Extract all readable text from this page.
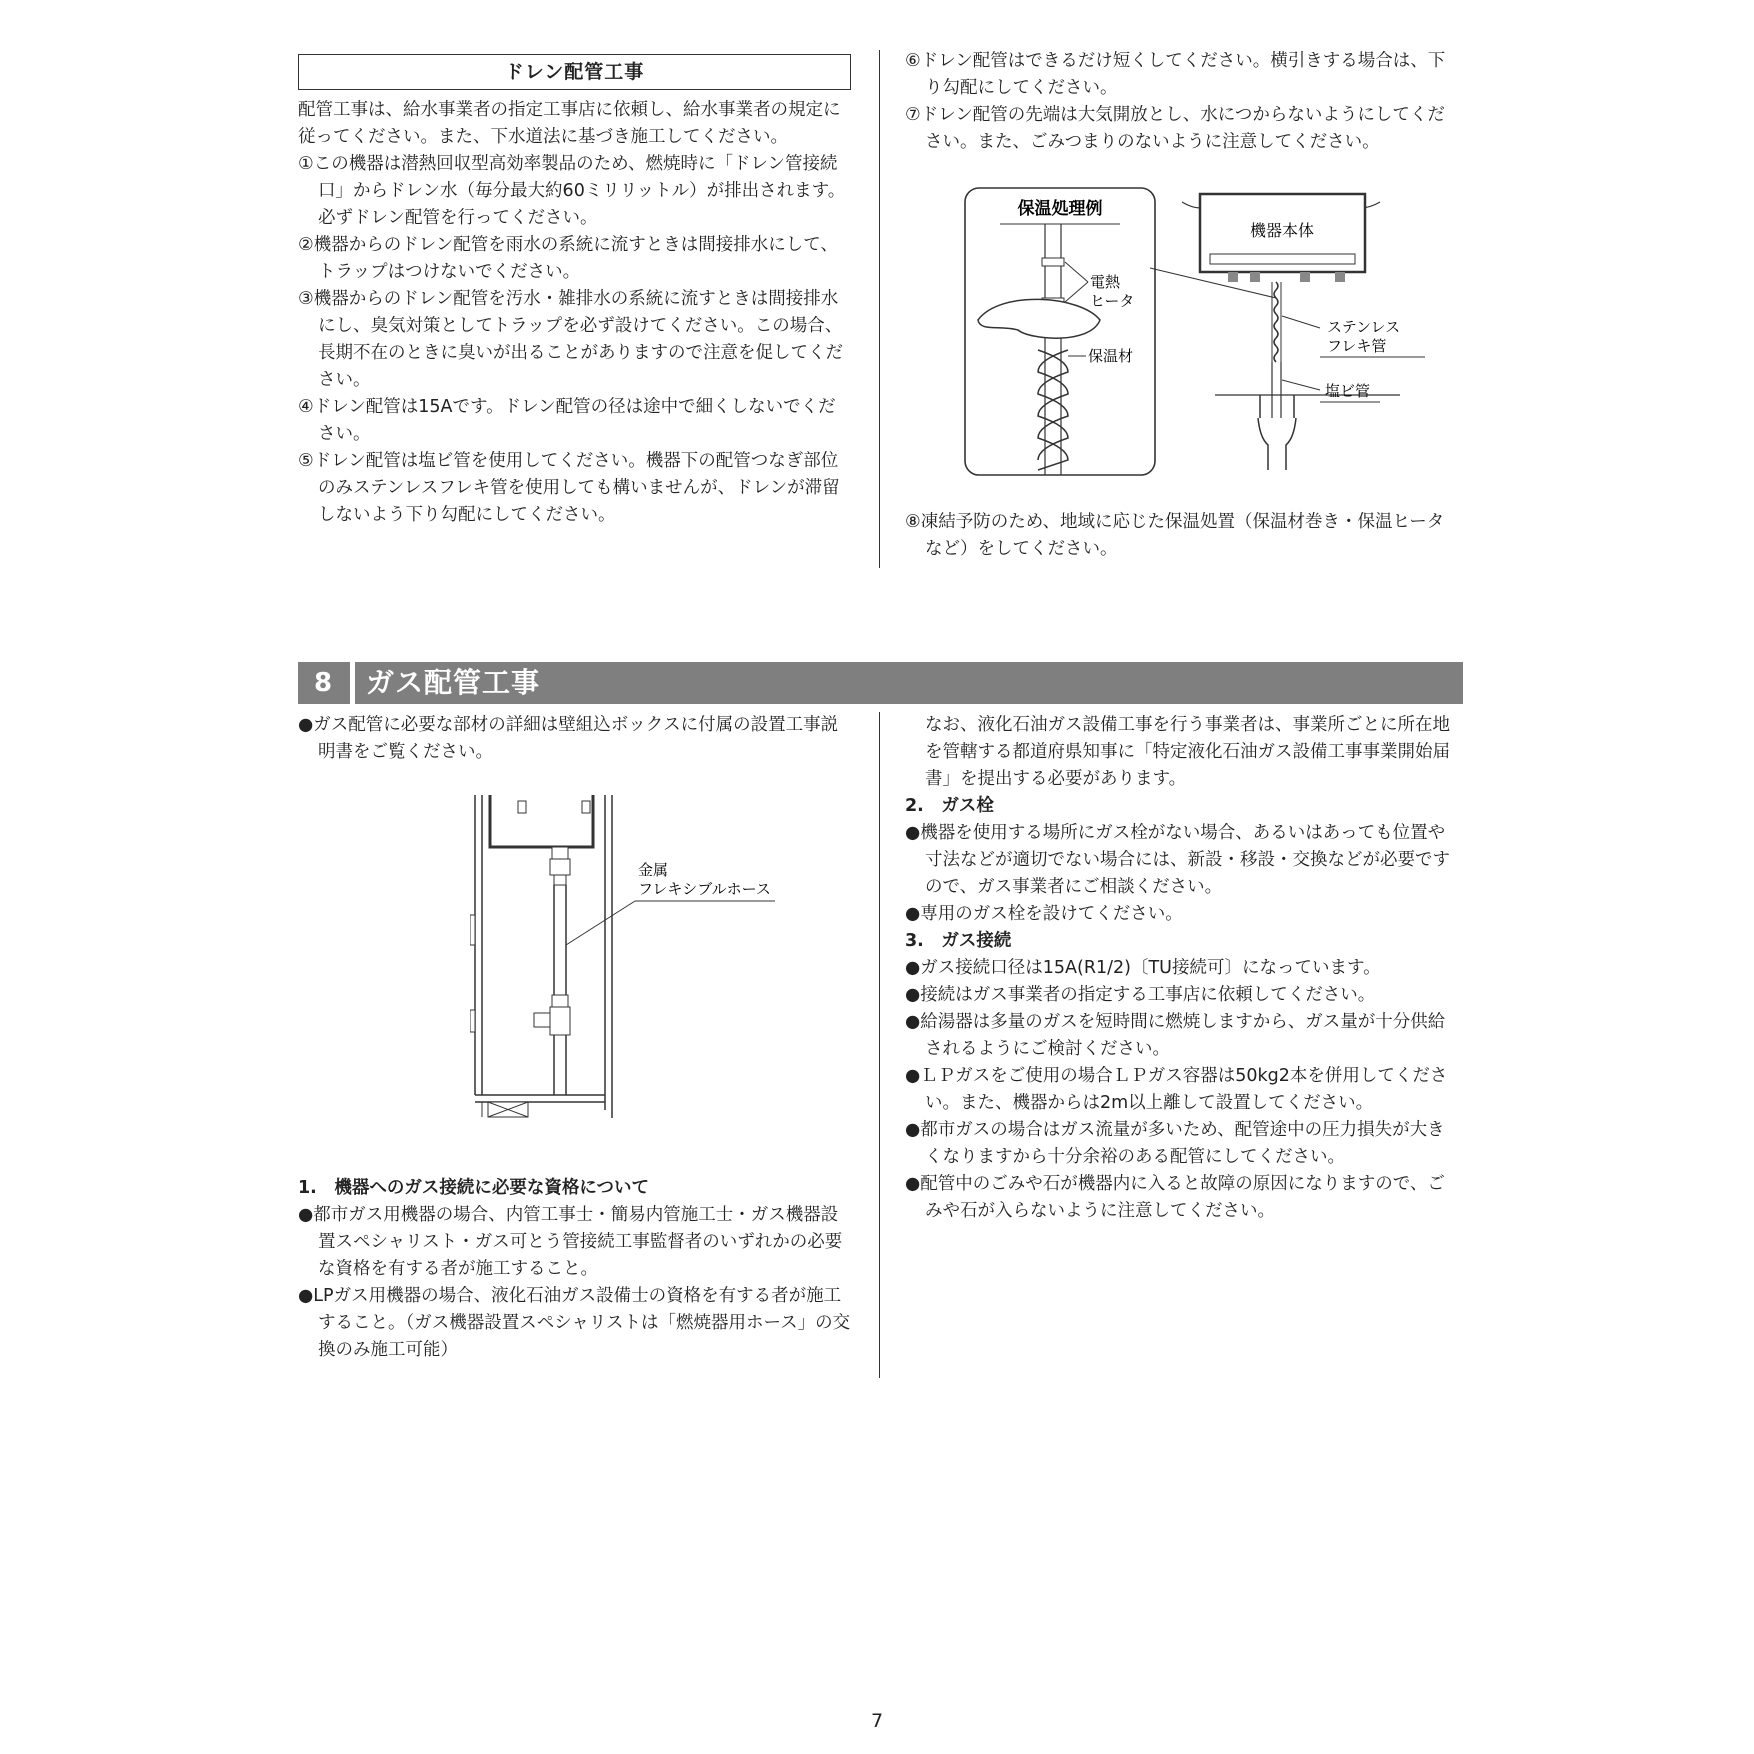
ドレン配管工事

配管工事は、給水事業者の指定工事店に依頼し、給水事業者の規定に従ってください。また、下水道法に基づき施工してください。

①この機器は潜熱回収型高効率製品のため、燃焼時に「ドレン管接続口」からドレン水（毎分最大約60ミリリットル）が排出されます。必ずドレン配管を行ってください。

②機器からのドレン配管を雨水の系統に流すときは間接排水にして、トラップはつけないでください。

③機器からのドレン配管を汚水・雑排水の系統に流すときは間接排水にし、臭気対策としてトラップを必ず設けてください。この場合、長期不在のときに臭いが出ることがありますので注意を促してください。

④ドレン配管は15Aです。ドレン配管の径は途中で細くしないでください。

⑤ドレン配管は塩ビ管を使用してください。機器下の配管つなぎ部位のみステンレスフレキ管を使用しても構いませんが、ドレンが滞留しないよう下り勾配にしてください。

⑥ドレン配管はできるだけ短くしてください。横引きする場合は、下り勾配にしてください。

⑦ドレン配管の先端は大気開放とし、水につからないようにしてください。また、ごみつまりのないように注意してください。

保温処理例
電熱
ヒータ
保温材
機器本体
ステンレス
フレキ管
塩ビ管

⑧凍結予防のため、地域に応じた保温処置（保温材巻き・保温ヒータなど）をしてください。

8	ガス配管工事

●ガス配管に必要な部材の詳細は壁組込ボックスに付属の設置工事説明書をご覧ください。

金属
フレキシブルホース

1.　機器へのガス接続に必要な資格について

●都市ガス用機器の場合、内管工事士・簡易内管施工士・ガス機器設置スペシャリスト・ガス可とう管接続工事監督者のいずれかの必要な資格を有する者が施工すること。

●LPガス用機器の場合、液化石油ガス設備士の資格を有する者が施工すること。（ガス機器設置スペシャリストは「燃焼器用ホース」の交換のみ施工可能）

なお、液化石油ガス設備工事を行う事業者は、事業所ごとに所在地を管轄する都道府県知事に「特定液化石油ガス設備工事事業開始届書」を提出する必要があります。

2.　ガス栓

●機器を使用する場所にガス栓がない場合、あるいはあっても位置や寸法などが適切でない場合には、新設・移設・交換などが必要ですので、ガス事業者にご相談ください。

●専用のガス栓を設けてください。

3.　ガス接続

●ガス接続口径は15A(R1/2)〔TU接続可〕になっています。

●接続はガス事業者の指定する工事店に依頼してください。

●給湯器は多量のガスを短時間に燃焼しますから、ガス量が十分供給されるようにご検討ください。

●ＬＰガスをご使用の場合ＬＰガス容器は50kg2本を併用してください。また、機器からは2m以上離して設置してください。

●都市ガスの場合はガス流量が多いため、配管途中の圧力損失が大きくなりますから十分余裕のある配管にしてください。

●配管中のごみや石が機器内に入ると故障の原因になりますので、ごみや石が入らないように注意してください。

7
